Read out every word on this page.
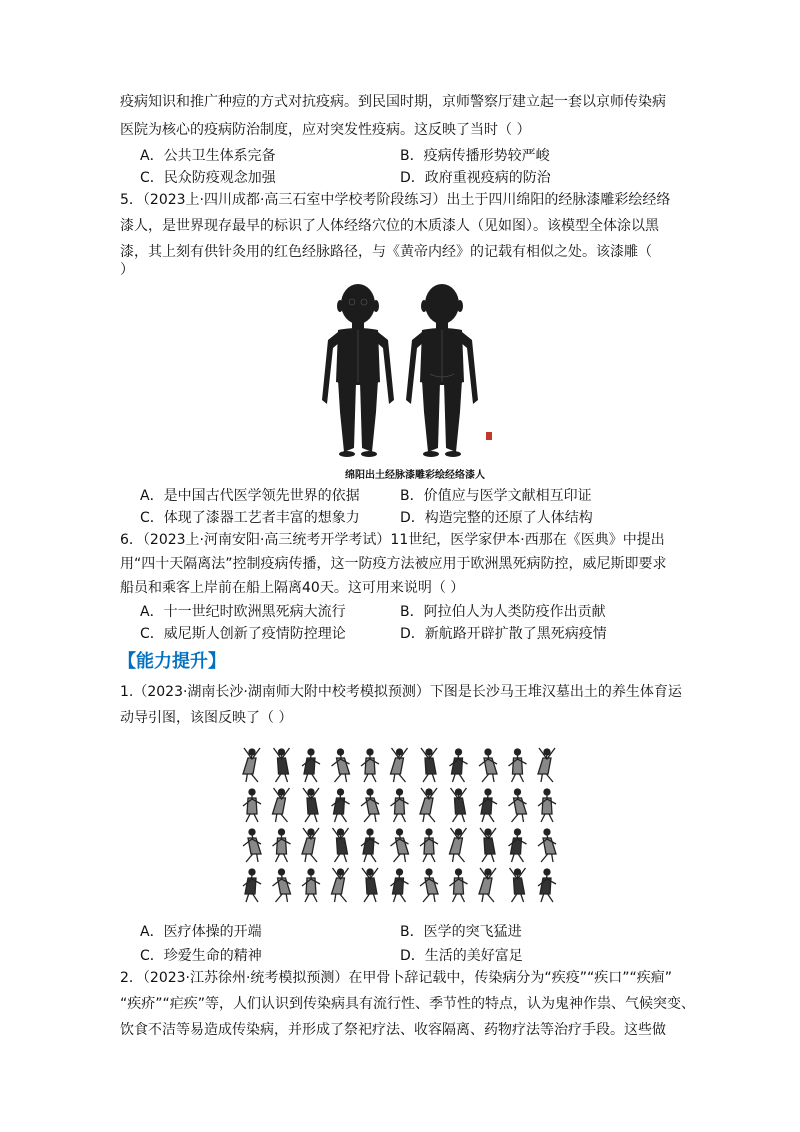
疫病知识和推广种痘的方式对抗疫病。到民国时期，京师警察厅建立起一套以京师传染病
医院为核心的疫病防治制度，应对突发性疫病。这反映了当时（ ）
A．公共卫生体系完备	B．疫病传播形势较严峻
C．民众防疫观念加强	D．政府重视疫病的防治
5．（2023上·四川成都·高三石室中学校考阶段练习）出土于四川绵阳的经脉漆雕彩绘经络
漆人，是世界现存最早的标识了人体经络穴位的木质漆人（见如图）。该模型全体涂以黑
漆，其上刻有供针灸用的红色经脉路径，与《黄帝内经》的记载有相似之处。该漆雕（
）
绵阳出土经脉漆雕彩绘经络漆人
A．是中国古代医学领先世界的依据	B．价值应与医学文献相互印证
C．体现了漆器工艺者丰富的想象力	D．构造完整的还原了人体结构
6．（2023上·河南安阳·高三统考开学考试）11世纪，医学家伊本·西那在《医典》中提出
用“四十天隔离法”控制疫病传播，这一防疫方法被应用于欧洲黑死病防控，威尼斯即要求
船员和乘客上岸前在船上隔离40天。这可用来说明（ ）
A．十一世纪时欧洲黑死病大流行	B．阿拉伯人为人类防疫作出贡献
C．威尼斯人创新了疫情防控理论	D．新航路开辟扩散了黑死病疫情
【能力提升】
1.（2023·湖南长沙·湖南师大附中校考模拟预测）下图是长沙马王堆汉墓出土的养生体育运
动导引图，该图反映了（ ）
A．医疗体操的开端	B．医学的突飞猛进
C．珍爱生命的精神	D．生活的美好富足
2．（2023·江苏徐州·统考模拟预测）在甲骨卜辞记载中，传染病分为“疾疫”“疾口”“疾痐”
“疾疥”“疟疾”等，人们认识到传染病具有流行性、季节性的特点，认为鬼神作祟、气候突变、
饮食不洁等易造成传染病，并形成了祭祀疗法、收容隔离、药物疗法等治疗手段。这些做
